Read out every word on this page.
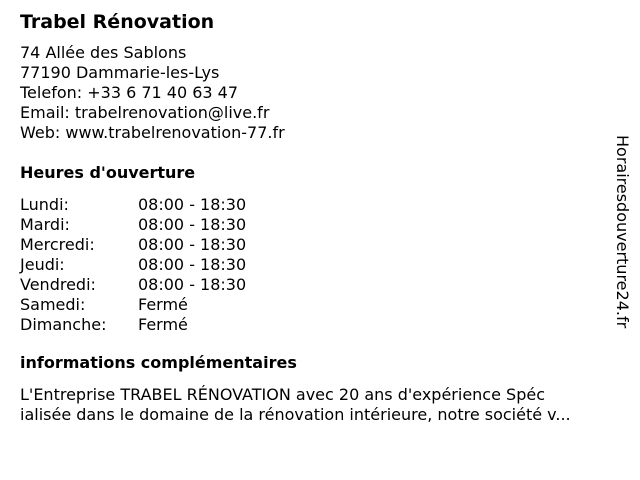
Trabel Rénovation
74 Allée des Sablons
77190 Dammarie-les-Lys
Telefon: +33 6 71 40 63 47
Email: trabelrenovation@live.fr
Web: www.trabelrenovation-77.fr
Heures d'ouverture
Lundi:	08:00 - 18:30
Mardi:	08:00 - 18:30
Mercredi:	08:00 - 18:30
Jeudi:	08:00 - 18:30
Vendredi:	08:00 - 18:30
Samedi:	Fermé
Dimanche: Fermé
informations complémentaires
L'Entreprise TRABEL RÉNOVATION avec 20 ans d'expérience Spéc
ialisée dans le domaine de la rénovation intérieure, notre société v...
Horairesdouverture24.fr
